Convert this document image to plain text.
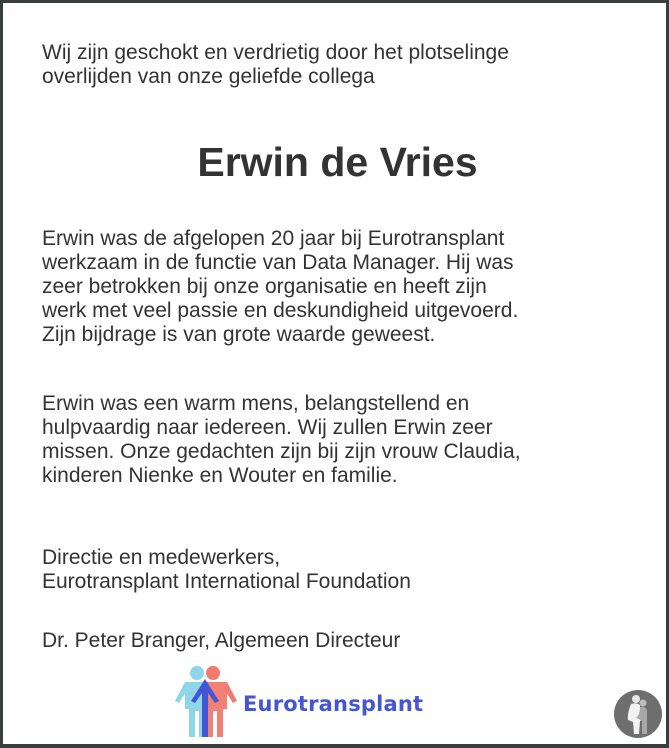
Wij zijn geschokt en verdrietig door het plotselinge
overlijden van onze geliefde collega
Erwin de Vries
Erwin was de afgelopen 20 jaar bij Eurotransplant
werkzaam in de functie van Data Manager. Hij was
zeer betrokken bij onze organisatie en heeft zijn
werk met veel passie en deskundigheid uitgevoerd.
Zijn bijdrage is van grote waarde geweest.
Erwin was een warm mens, belangstellend en
hulpvaardig naar iedereen. Wij zullen Erwin zeer
missen. Onze gedachten zijn bij zijn vrouw Claudia,
kinderen Nienke en Wouter en familie.
Directie en medewerkers,
Eurotransplant International Foundation
Dr. Peter Branger, Algemeen Directeur
Eurotransplant
